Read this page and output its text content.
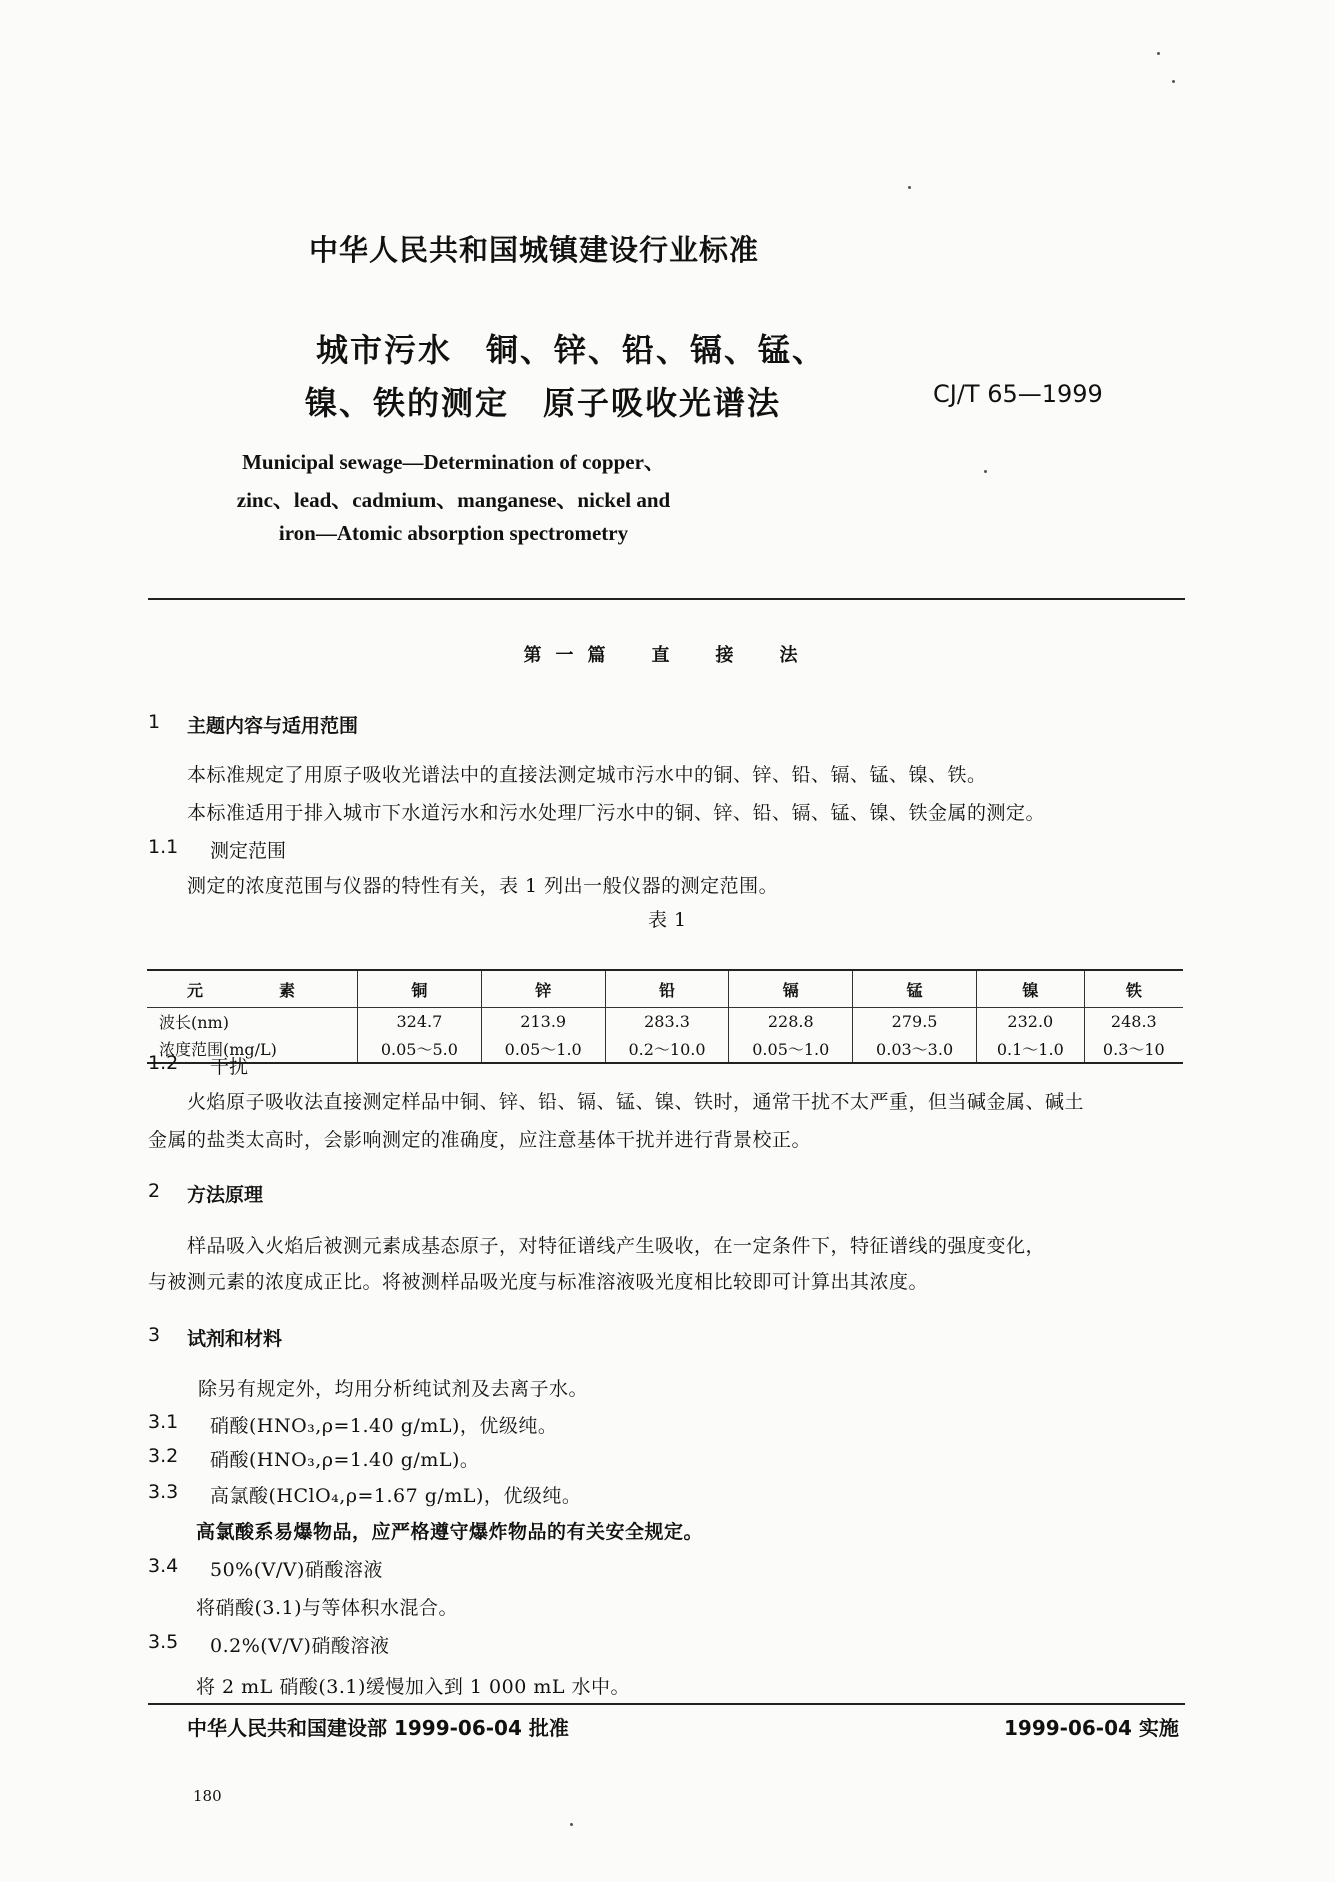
中华人民共和国城镇建设行业标准
城市污水　铜、锌、铅、镉、锰、
镍、铁的测定　原子吸收光谱法	CJ/T 65—1999
Municipal sewage—Determination of copper、
zinc、lead、cadmium、manganese、nickel and
iron—Atomic absorption spectrometry
第一篇　直　接　法
1 主题内容与适用范围
本标准规定了用原子吸收光谱法中的直接法测定城市污水中的铜、锌、铅、镉、锰、镍、铁。
本标准适用于排入城市下水道污水和污水处理厂污水中的铜、锌、铅、镉、锰、镍、铁金属的测定。
1.1 测定范围
测定的浓度范围与仪器的特性有关，表 1 列出一般仪器的测定范围。
表 1
元　素	铜	锌	铅	镉	锰	镍	铁
波长(nm)	324.7	213.9	283.3	228.8	279.5	232.0	248.3
浓度范围(mg/L)	0.05～5.0	0.05～1.0	0.2～10.0	0.05～1.0	0.03～3.0	0.1～1.0	0.3～10
1.2 干扰
火焰原子吸收法直接测定样品中铜、锌、铅、镉、锰、镍、铁时，通常干扰不太严重，但当碱金属、碱土
金属的盐类太高时，会影响测定的准确度，应注意基体干扰并进行背景校正。
2 方法原理
样品吸入火焰后被测元素成基态原子，对特征谱线产生吸收，在一定条件下，特征谱线的强度变化，
与被测元素的浓度成正比。将被测样品吸光度与标准溶液吸光度相比较即可计算出其浓度。
3 试剂和材料
除另有规定外，均用分析纯试剂及去离子水。
3.1 硝酸(HNO₃,ρ=1.40 g/mL)，优级纯。
3.2 硝酸(HNO₃,ρ=1.40 g/mL)。
3.3 高氯酸(HClO₄,ρ=1.67 g/mL)，优级纯。
高氯酸系易爆物品，应严格遵守爆炸物品的有关安全规定。
3.4 50%(V/V)硝酸溶液
将硝酸(3.1)与等体积水混合。
3.5 0.2%(V/V)硝酸溶液
将 2 mL 硝酸(3.1)缓慢加入到 1 000 mL 水中。
中华人民共和国建设部 1999-06-04 批准	1999-06-04 实施
180
